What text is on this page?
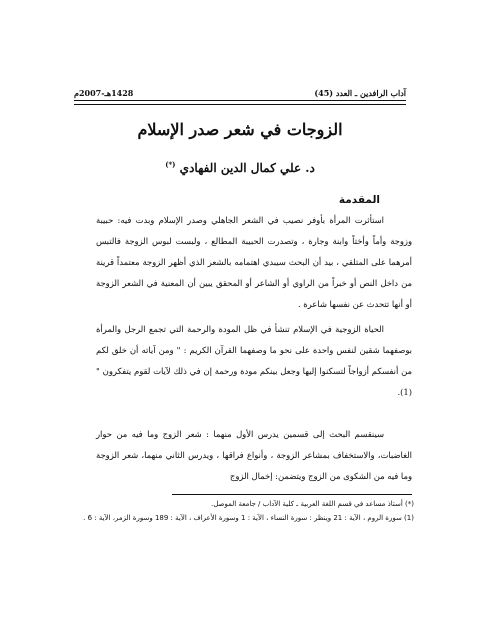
آداب الرافدين ـ العدد (45)
1428هـ-2007م
الزوجات في شعر صدر الإسلام
د. علي كمال الدين الفهادي (*)
المقدمة
استأثرت المرأة بأوفر نصيب في الشعر الجاهلي وصدر الإسلام وبدت فيه: حبيبة وزوجة وأماً وأختاً وابنة وجارة ، وتصدرت الحبيبة المطالع ، ولبست لبوس الزوجة فالتبس أمرهما على المتلقي ، بيد أن البحث سيبدي اهتمامه بالشعر الذي أظهر الزوجة معتمداً قرينة من داخل النص أو خبراً من الراوي أو الشاعر أو المحقق يبين أن المعنية في الشعر الزوجة أو أنها تتحدث عن نفسها شاعرة .
الحياة الزوجية في الإسلام تنشأ في ظل المودة والرحمة التي تجمع الرجل والمرأة بوصفهما شقين لنفس واحدة على نحو ما وصفهما القرآن الكريم : " ومن آياته أن خلق لكم من أنفسكم أزواجاً لتسكنوا إليها وجعل بينكم مودة ورحمة إن في ذلك لآيات لقوم يتفكرون "(1).
سينقسم البحث إلى قسمين يدرس الأول منهما : شعر الزوج وما فيه من حوار الغاضبات، والاستخفاف بمشاعر الزوجة ، وأنواع فراقها ، ويدرس الثاني منهما، شعر الزوجة وما فيه من الشكوى من الزوج ويتضمن: إخمال الزوج
(*) أستاذ مساعد في قسم اللغة العربية ـ كلية الآداب / جامعة الموصل.
(1) سورة الروم ، الآية : 21 وينظر : سورة النساء ، الآية : 1 وسورة الأعراف ، الآية : 189 وسورة الزمر، الآية : 6 .
